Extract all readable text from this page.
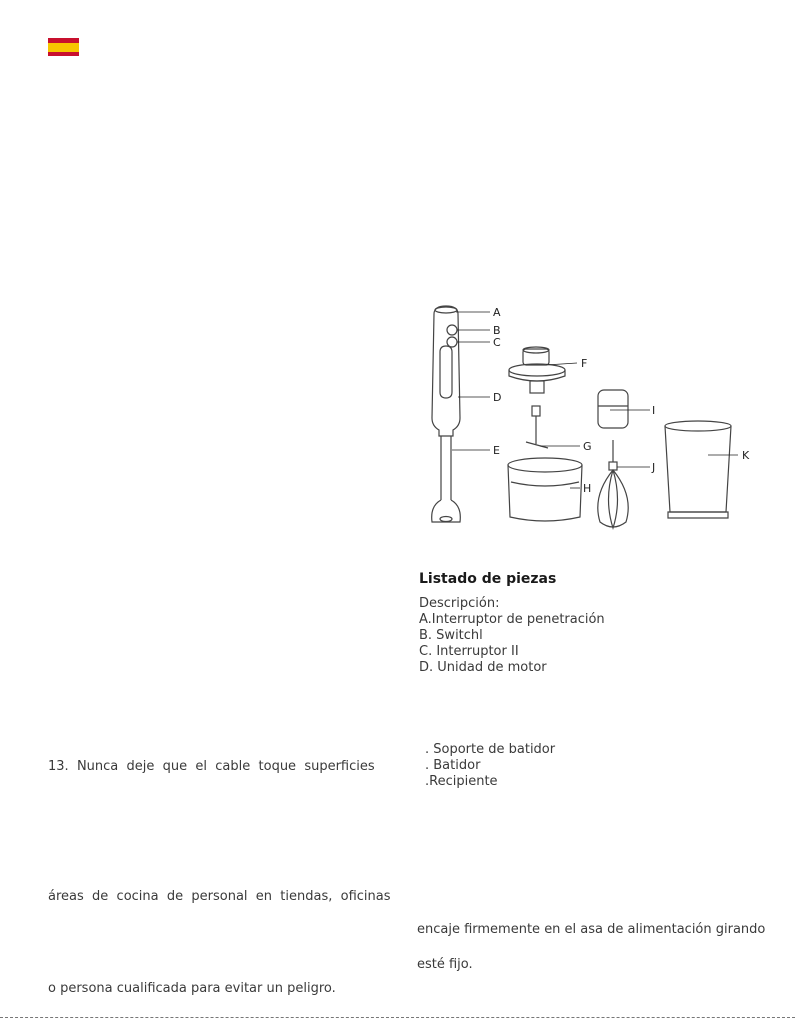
A
B
C
D
E
F
G
H
I
J
K
Listado de piezas
Descripción:
A.Interruptor de penetración
B. Switchl
C. Interruptor II
D. Unidad de motor
. Soporte de batidor
. Batidor
.Recipiente
13.  Nunca  deje  que  el  cable  toque  superficies
áreas  de  cocina  de  personal  en  tiendas,  oficinas
o persona cualificada para evitar un peligro.
encaje firmemente en el asa de alimentación girando
esté fijo.
